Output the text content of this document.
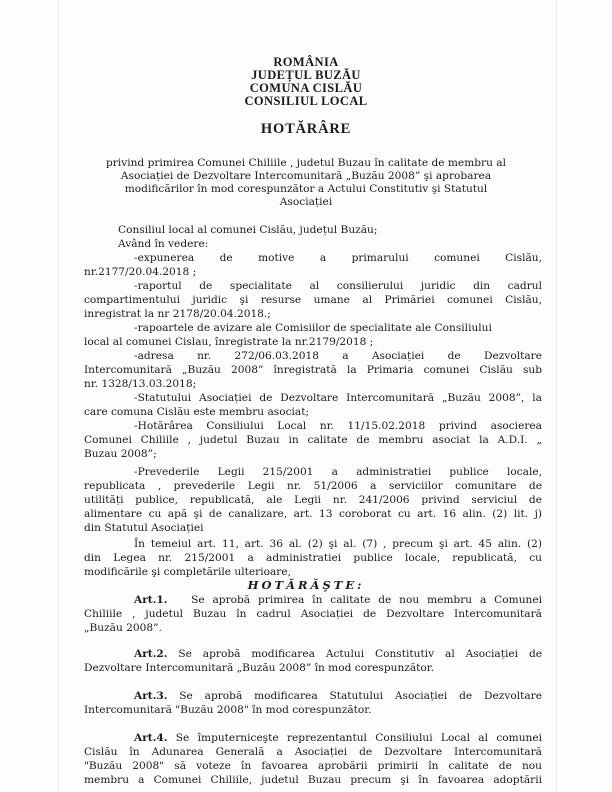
ROMÂNIA
JUDEȚUL BUZĂU
COMUNA CISLĂU
CONSILIUL LOCAL
HOTĂRÂRE
privind primirea Comunei Chiliile , judetul Buzau în calitate de membru al
Asociației de Dezvoltare Intercomunitară „Buzău 2008” şi aprobarea
modificărilor în mod corespunzător a Actului Constitutiv şi Statutul
Asociației
Consiliul local al comunei Cislău, județul Buzău;
Având în vedere:
-expunerea de motive a primarului comunei Cislău,
nr.2177/20.04.2018 ;
-raportul de specialitate al consilierului juridic din cadrul
compartimentului juridic şi resurse umane al Primăriei comunei Cislău,
inregistrat la nr 2178/20.04.2018.;
-rapoartele de avizare ale Comisiilor de specialitate ale Consiliului
local al comunei Cislau, înregistrate la nr.2179/2018 ;
-adresa nr. 272/06.03.2018 a Asociației de Dezvoltare
Intercomunitară „Buzău 2008” înregistrată la Primaria comunei Cislău sub
nr. 1328/13.03.2018;
-Statutului Asociației de Dezvoltare Intercomunitară „Buzău 2008”, la
care comuna Cislău este membru asociat;
-Hotărârea Consiliului Local nr. 11/15.02.2018 privind asocierea
Comunei Chiliile , judetul Buzau in calitate de membru asociat la A.D.I. „
Buzau 2008”;
-Prevederile Legii 215/2001 a administratiei publice locale,
republicata , prevederile Legii nr. 51/2006 a serviciilor comunitare de
utilități publice, republicată, ale Legii nr. 241/2006 privind serviciul de
alimentare cu apă şi de canalizare, art. 13 coroborat cu art. 16 alin. (2) lit. j)
din Statutul Asociației
În temeiul art. 11, art. 36 al. (2) şi al. (7) , precum şi art. 45 alin. (2)
din Legea nr. 215/2001 a administratiei publice locale, republicată, cu
modificările şi completările ulterioare,
HOTĂRĂŞTE:
Art.1. Se aprobă primirea în calitate de nou membru a Comunei
Chiliile , judetul Buzau în cadrul Asociației de Dezvoltare Intercomunitară
„Buzău 2008”.
Art.2. Se aprobă modificarea Actului Constitutiv al Asociației de
Dezvoltare Intercomunitară „Buzău 2008” în mod corespunzător.
Art.3. Se aprobă modificarea Statutului Asociației de Dezvoltare
Intercomunitară "Buzău 2008" în mod corespunzător.
Art.4. Se împuterniceşte reprezentantul Consiliului Local al comunei
Cislău în Adunarea Generală a Asociației de Dezvoltare Intercomunitară
"Buzău 2008" să voteze în favoarea aprobării primirii în calitate de nou
membru a Comunei Chiliile, judetul Buzau precum şi în favoarea adoptării
